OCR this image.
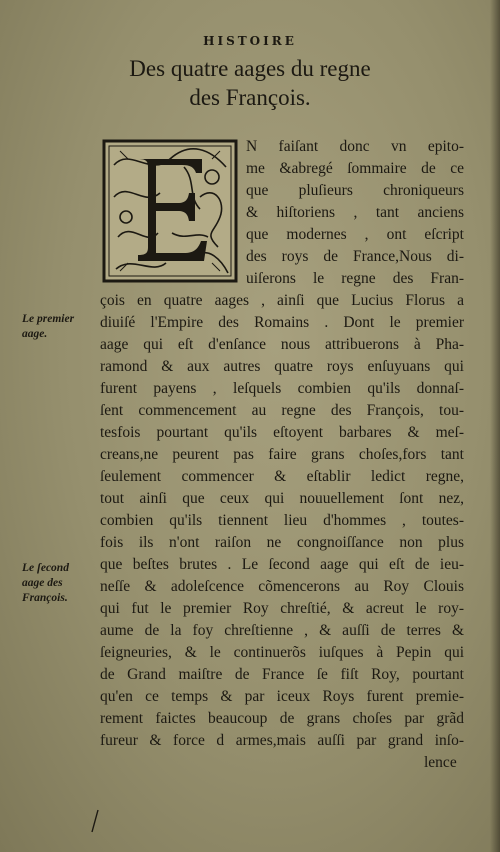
HISTOIRE
Des quatre aages du regne
des François.
N faiſant donc vn epito-
me &abregé ſommaire de ce
que pluſieurs chroniqueurs
& hiſtoriens , tant anciens
que modernes , ont eſcript
des roys de France,Nous di-
uiſerons le regne des Fran-
çois en quatre aages , ainſi que Lucius Florus a
diuiſé l'Empire des Romains . Dont le premier
aage qui eſt d'enſance nous attribuerons à Pha-
ramond & aux autres quatre roys enſuyuans qui
furent payens , leſquels combien qu'ils donnaſ-
ſent commencement au regne des François, tou-
tesfois pourtant qu'ils eſtoyent barbares & meſ-
creans,ne peurent pas faire grans choſes,fors tant
ſeulement commencer & eſtablir ledict regne,
tout ainſi que ceux qui nouuellement ſont nez,
combien qu'ils tiennent lieu d'hommes , toutes-
fois ils n'ont raiſon ne congnoiſſance non plus
que beſtes brutes . Le ſecond aage qui eſt de ieu-
neſſe & adoleſcence cõmencerons au Roy Clouis
qui fut le premier Roy chreſtié, & acreut le roy-
aume de la foy chreſtienne , & auſſi de terres &
ſeigneuries, & le continuerõs iuſques à Pepin qui
de Grand maiſtre de France ſe fiſt Roy, pourtant
qu'en ce temps & par iceux Roys furent premie-
rement faictes beaucoup de grans choſes par grãd
fureur & force d armes,mais auſſi par grand inſo-
lence
Le premier
aage.
Le ſecond
aage des
François.
